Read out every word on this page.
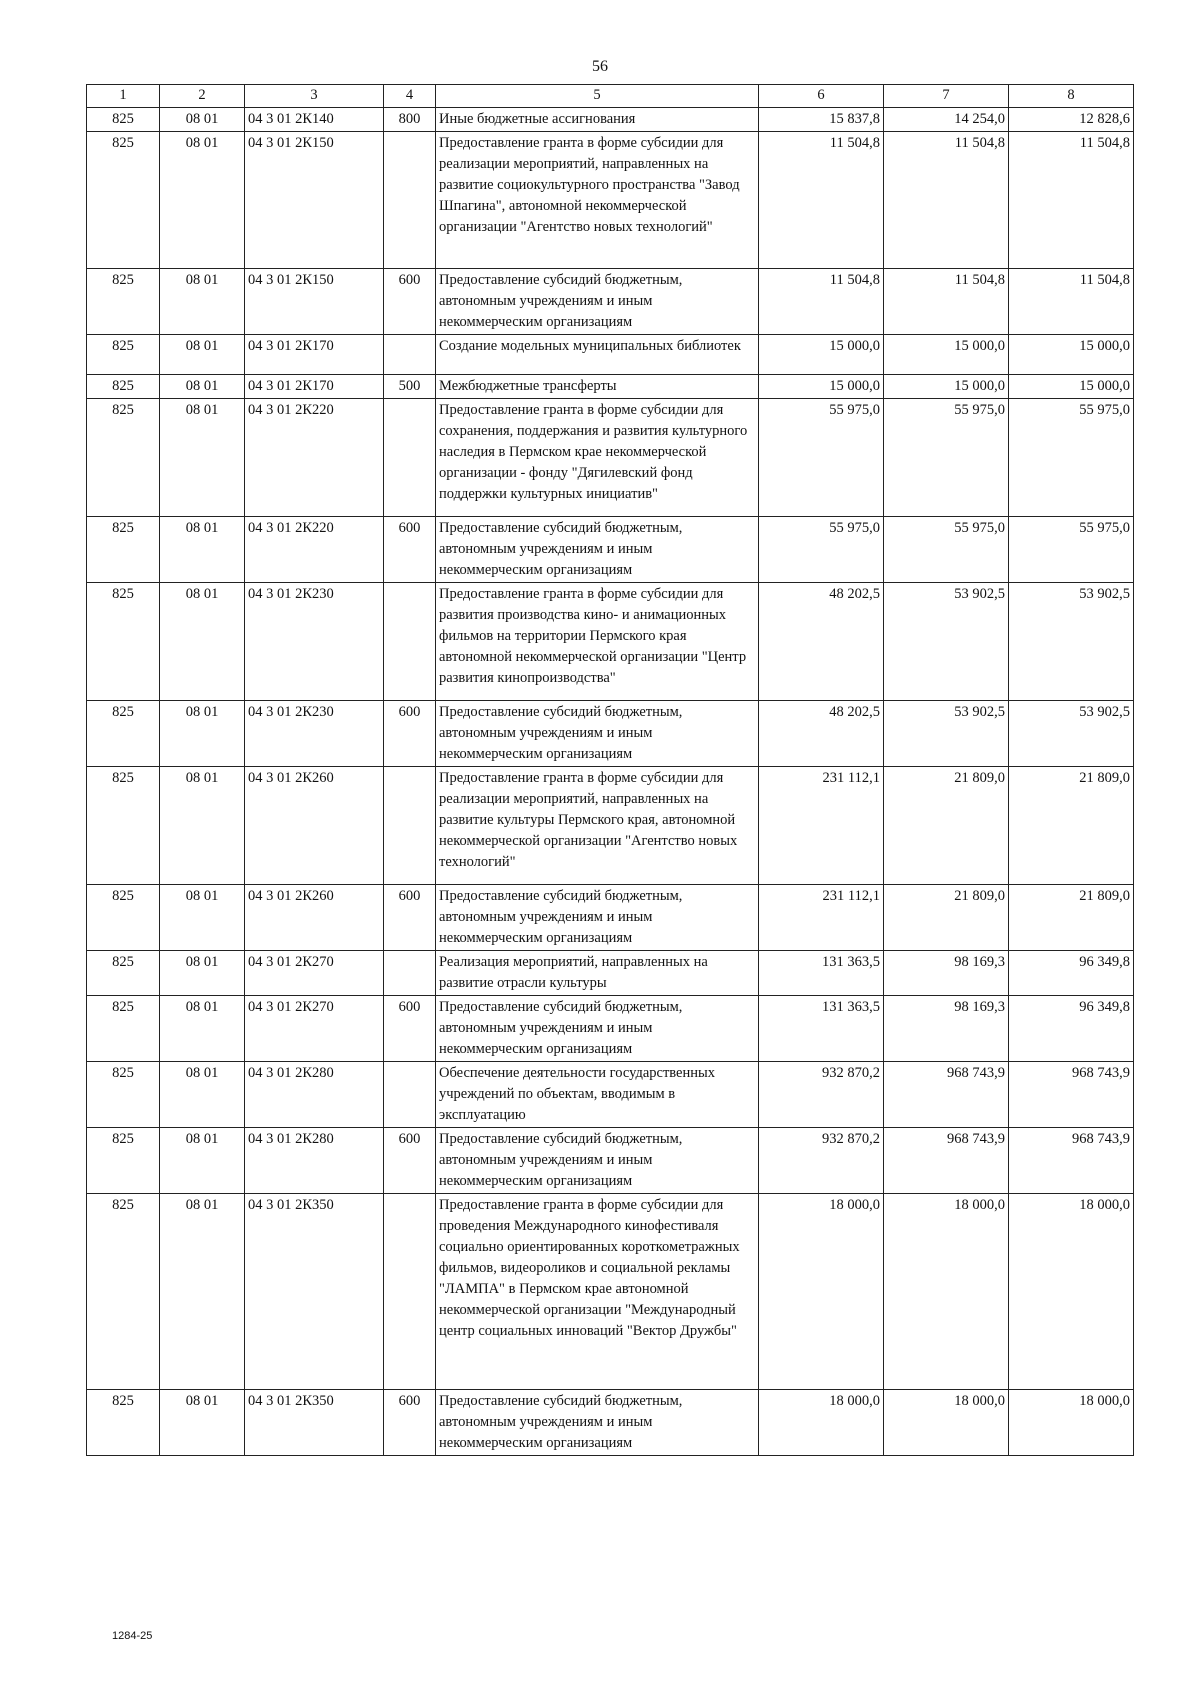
56
1	2	3	4	5	6	7	8
825	08 01	04 3 01 2К140	800	Иные бюджетные ассигнования	15 837,8	14 254,0	12 828,6
825	08 01	04 3 01 2К150		Предоставление гранта в форме субсидии для реализации мероприятий, направленных на развитие социокультурного пространства "Завод Шпагина", автономной некоммерческой организации "Агентство новых технологий"	11 504,8	11 504,8	11 504,8
825	08 01	04 3 01 2К150	600	Предоставление субсидий бюджетным, автономным учреждениям и иным некоммерческим организациям	11 504,8	11 504,8	11 504,8
825	08 01	04 3 01 2К170		Создание модельных муниципальных библиотек	15 000,0	15 000,0	15 000,0
825	08 01	04 3 01 2К170	500	Межбюджетные трансферты	15 000,0	15 000,0	15 000,0
825	08 01	04 3 01 2К220		Предоставление гранта в форме субсидии для сохранения, поддержания и развития культурного наследия в Пермском крае некоммерческой организации - фонду "Дягилевский фонд поддержки культурных инициатив"	55 975,0	55 975,0	55 975,0
825	08 01	04 3 01 2К220	600	Предоставление субсидий бюджетным, автономным учреждениям и иным некоммерческим организациям	55 975,0	55 975,0	55 975,0
825	08 01	04 3 01 2К230		Предоставление гранта в форме субсидии для развития производства кино- и анимационных фильмов на территории Пермского края автономной некоммерческой организации "Центр развития кинопроизводства"	48 202,5	53 902,5	53 902,5
825	08 01	04 3 01 2К230	600	Предоставление субсидий бюджетным, автономным учреждениям и иным некоммерческим организациям	48 202,5	53 902,5	53 902,5
825	08 01	04 3 01 2К260		Предоставление гранта в форме субсидии для реализации мероприятий, направленных на развитие культуры Пермского края, автономной некоммерческой организации "Агентство новых технологий"	231 112,1	21 809,0	21 809,0
825	08 01	04 3 01 2К260	600	Предоставление субсидий бюджетным, автономным учреждениям и иным некоммерческим организациям	231 112,1	21 809,0	21 809,0
825	08 01	04 3 01 2К270		Реализация мероприятий, направленных на развитие отрасли культуры	131 363,5	98 169,3	96 349,8
825	08 01	04 3 01 2К270	600	Предоставление субсидий бюджетным, автономным учреждениям и иным некоммерческим организациям	131 363,5	98 169,3	96 349,8
825	08 01	04 3 01 2К280		Обеспечение деятельности государственных учреждений по объектам, вводимым в эксплуатацию	932 870,2	968 743,9	968 743,9
825	08 01	04 3 01 2К280	600	Предоставление субсидий бюджетным, автономным учреждениям и иным некоммерческим организациям	932 870,2	968 743,9	968 743,9
825	08 01	04 3 01 2К350		Предоставление гранта в форме субсидии для проведения Международного кинофестиваля социально ориентированных короткометражных фильмов, видеороликов и социальной рекламы "ЛАМПА" в Пермском крае автономной некоммерческой организации "Международный центр социальных инноваций "Вектор Дружбы"	18 000,0	18 000,0	18 000,0
825	08 01	04 3 01 2К350	600	Предоставление субсидий бюджетным, автономным учреждениям и иным некоммерческим организациям	18 000,0	18 000,0	18 000,0
1284-25
